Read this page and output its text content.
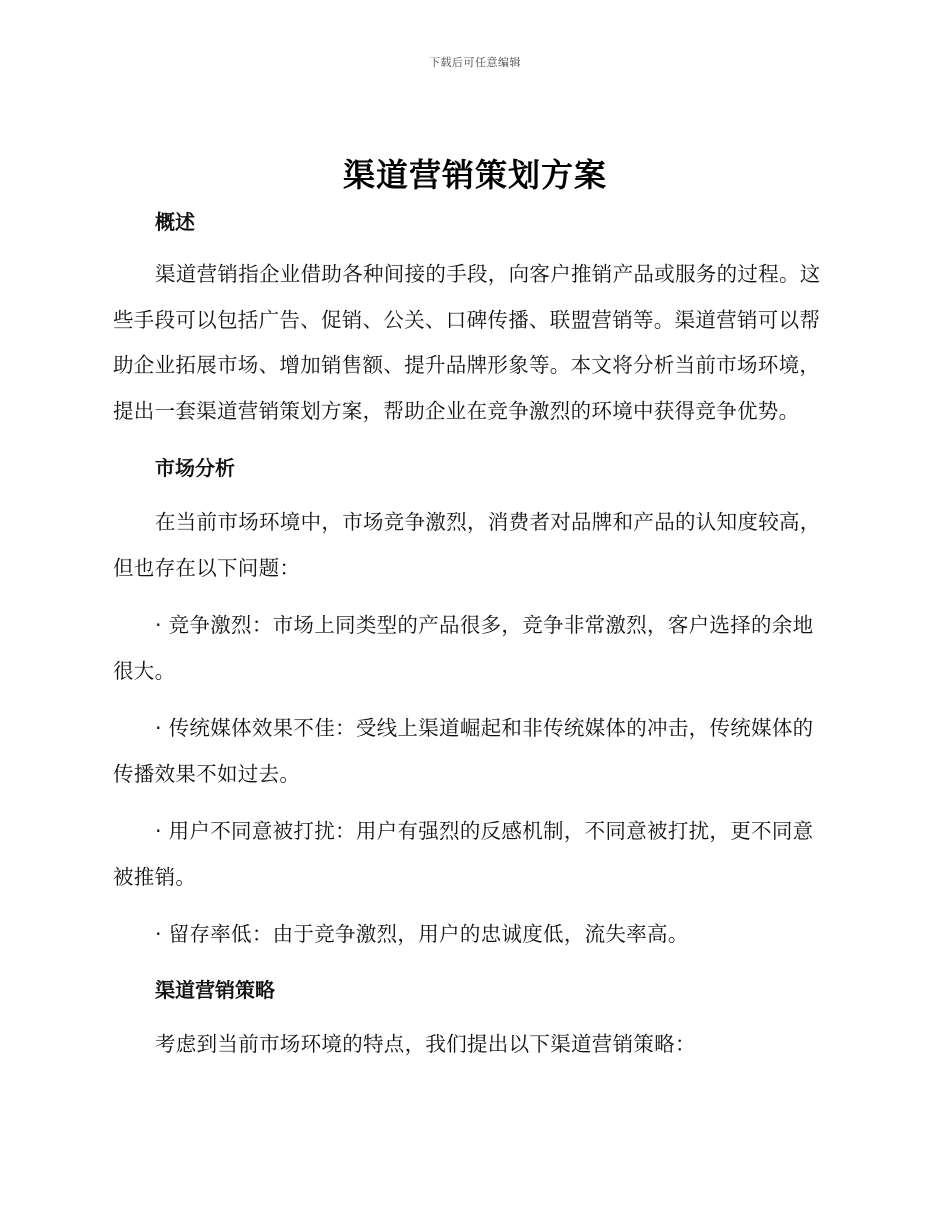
下载后可任意编辑
渠道营销策划方案
概述

渠道营销指企业借助各种间接的手段，向客户推销产品或服务的过程。这些手段可以包括广告、促销、公关、口碑传播、联盟营销等。渠道营销可以帮助企业拓展市场、增加销售额、提升品牌形象等。本文将分析当前市场环境，提出一套渠道营销策划方案，帮助企业在竞争激烈的环境中获得竞争优势。

市场分析

在当前市场环境中，市场竞争激烈，消费者对品牌和产品的认知度较高，但也存在以下问题：

· 竞争激烈：市场上同类型的产品很多，竞争非常激烈，客户选择的余地很大。

· 传统媒体效果不佳：受线上渠道崛起和非传统媒体的冲击，传统媒体的传播效果不如过去。

· 用户不同意被打扰：用户有强烈的反感机制，不同意被打扰，更不同意被推销。

· 留存率低：由于竞争激烈，用户的忠诚度低，流失率高。

渠道营销策略

考虑到当前市场环境的特点，我们提出以下渠道营销策略：
